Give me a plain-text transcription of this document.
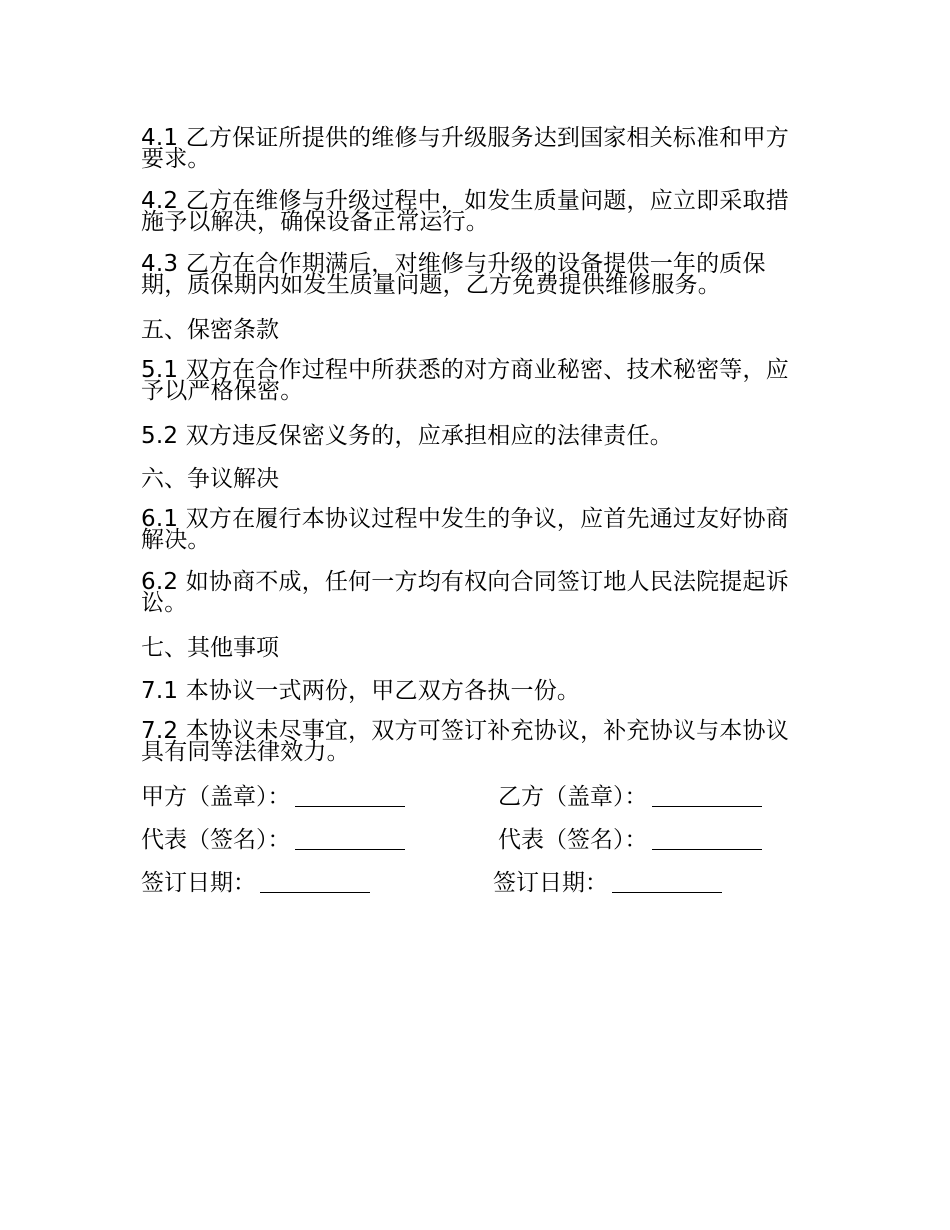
4.1 乙方保证所提供的维修与升级服务达到国家相关标准和甲方要求。

4.2 乙方在维修与升级过程中，如发生质量问题，应立即采取措施予以解决，确保设备正常运行。

4.3 乙方在合作期满后，对维修与升级的设备提供一年的质保期，质保期内如发生质量问题，乙方免费提供维修服务。

五、保密条款

5.1 双方在合作过程中所获悉的对方商业秘密、技术秘密等，应予以严格保密。

5.2 双方违反保密义务的，应承担相应的法律责任。

六、争议解决

6.1 双方在履行本协议过程中发生的争议，应首先通过友好协商解决。

6.2 如协商不成，任何一方均有权向合同签订地人民法院提起诉讼。

七、其他事项

7.1 本协议一式两份，甲乙双方各执一份。

7.2 本协议未尽事宜，双方可签订补充协议，补充协议与本协议具有同等法律效力。

甲方（盖章）：	乙方（盖章）：
代表（签名）：	代表（签名）：
签订日期：	签订日期：
